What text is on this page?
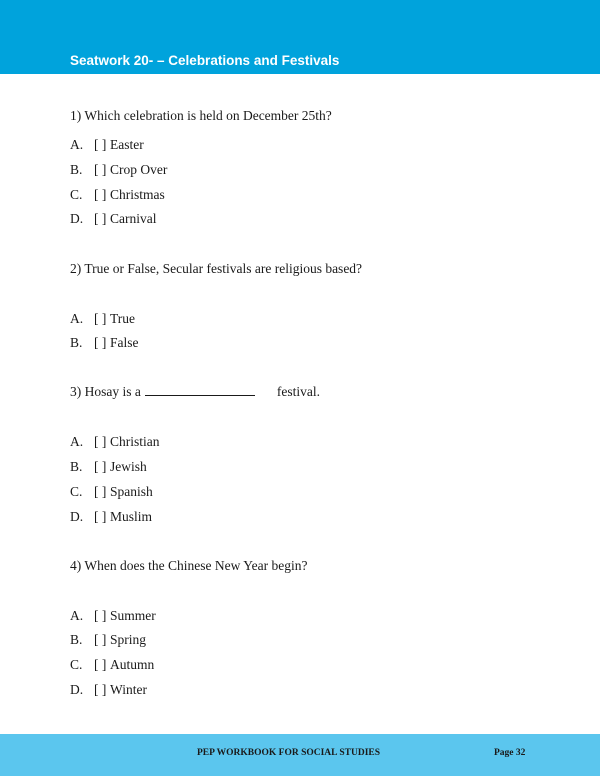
Seatwork 20- – Celebrations and Festivals
1) Which celebration is held on December 25th?
A. [ ] Easter
B. [ ] Crop Over
C. [ ] Christmas
D. [ ] Carnival
2) True or False, Secular festivals are religious based?
A. [ ] True
B. [ ] False
3) Hosay is a	festival.
A. [ ] Christian
B. [ ] Jewish
C. [ ] Spanish
D. [ ] Muslim
4) When does the Chinese New Year begin?
A. [ ] Summer
B. [ ] Spring
C. [ ] Autumn
D. [ ] Winter
PEP WORKBOOK FOR SOCIAL STUDIES	Page 32
